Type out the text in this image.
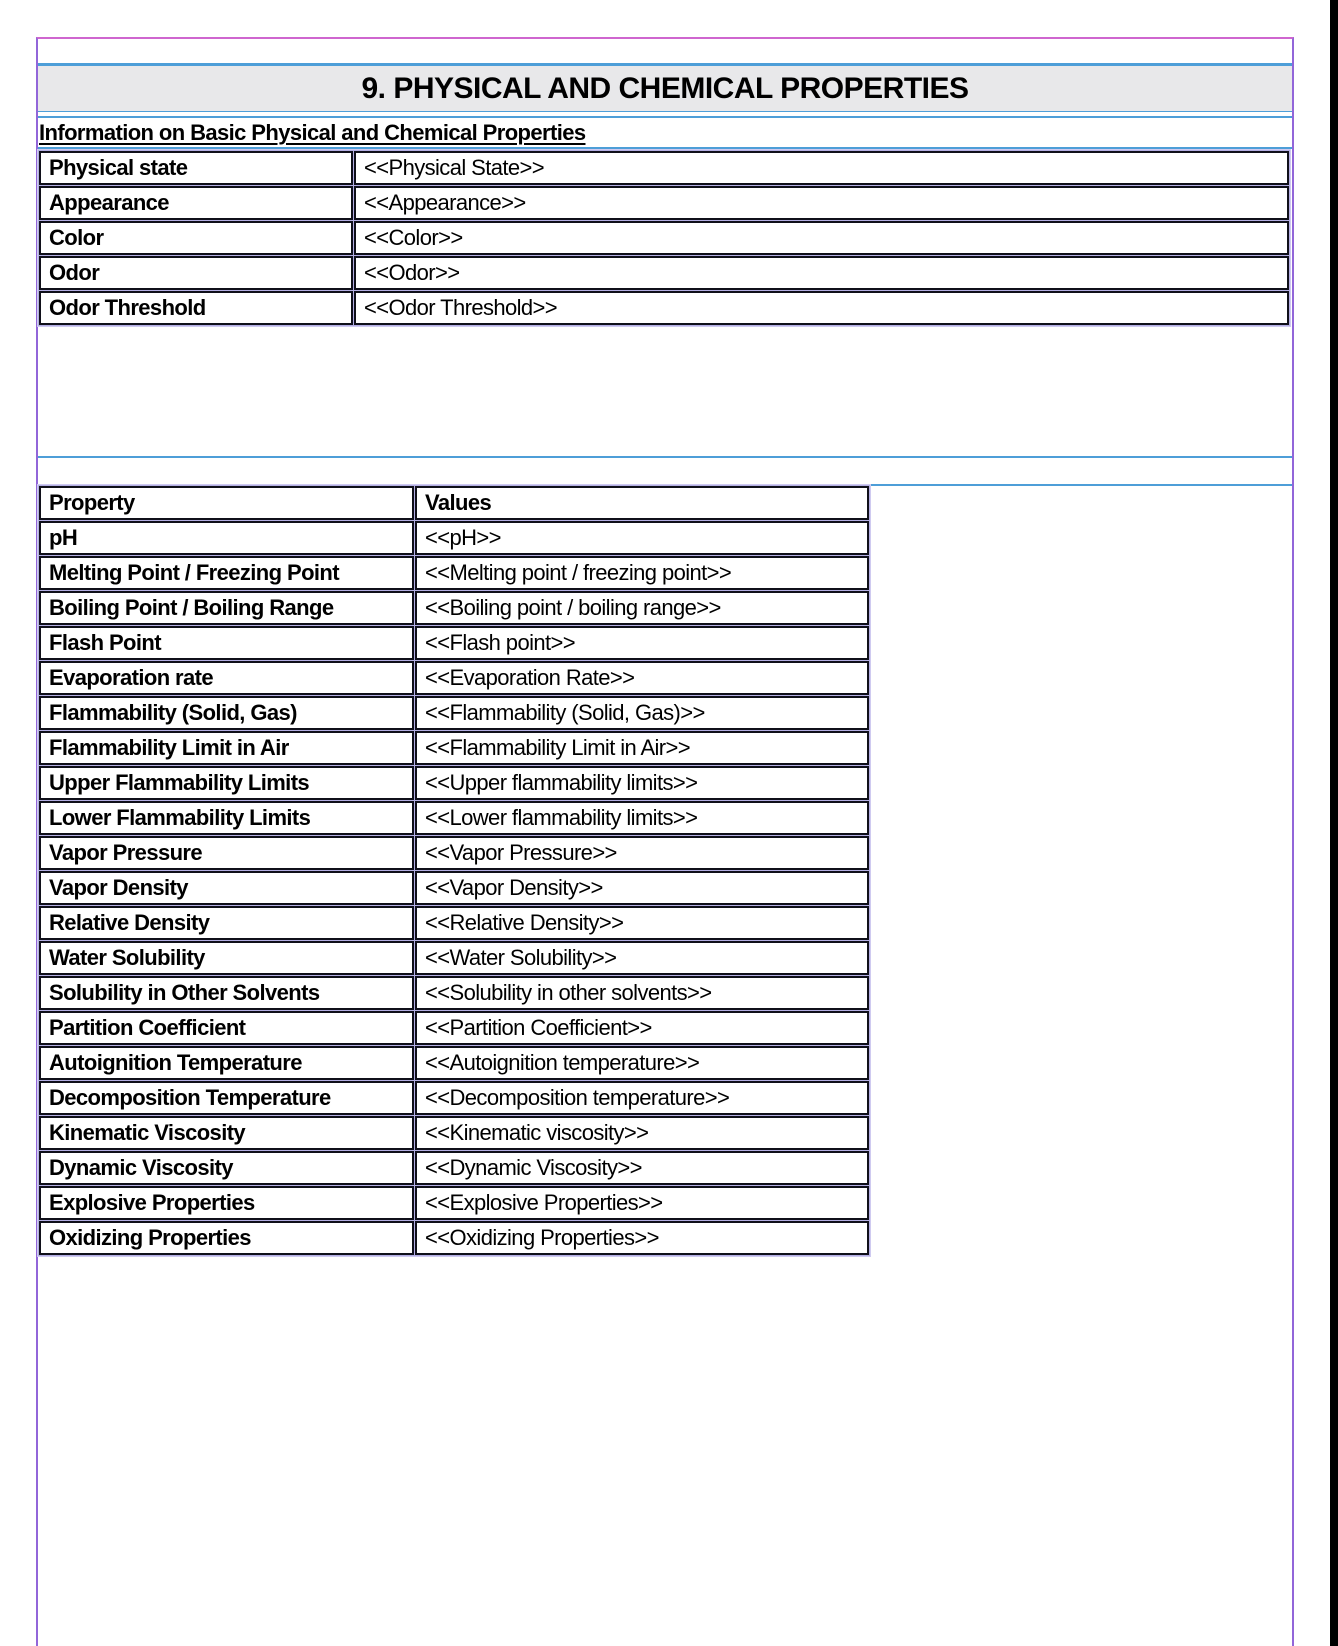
9. PHYSICAL AND CHEMICAL PROPERTIES
Information on Basic Physical and Chemical Properties
Physical state	<<Physical State>>
Appearance	<<Appearance>>
Color	<<Color>>
Odor	<<Odor>>
Odor Threshold	<<Odor Threshold>>
Property	Values
pH	<<pH>>
Melting Point / Freezing Point	<<Melting point / freezing point>>
Boiling Point / Boiling Range	<<Boiling point / boiling range>>
Flash Point	<<Flash point>>
Evaporation rate	<<Evaporation Rate>>
Flammability (Solid, Gas)	<<Flammability (Solid, Gas)>>
Flammability Limit in Air	<<Flammability Limit in Air>>
Upper Flammability Limits	<<Upper flammability limits>>
Lower Flammability Limits	<<Lower flammability limits>>
Vapor Pressure	<<Vapor Pressure>>
Vapor Density	<<Vapor Density>>
Relative Density	<<Relative Density>>
Water Solubility	<<Water Solubility>>
Solubility in Other Solvents	<<Solubility in other solvents>>
Partition Coefficient	<<Partition Coefficient>>
Autoignition Temperature	<<Autoignition temperature>>
Decomposition Temperature	<<Decomposition temperature>>
Kinematic Viscosity	<<Kinematic viscosity>>
Dynamic Viscosity	<<Dynamic Viscosity>>
Explosive Properties	<<Explosive Properties>>
Oxidizing Properties	<<Oxidizing Properties>>
